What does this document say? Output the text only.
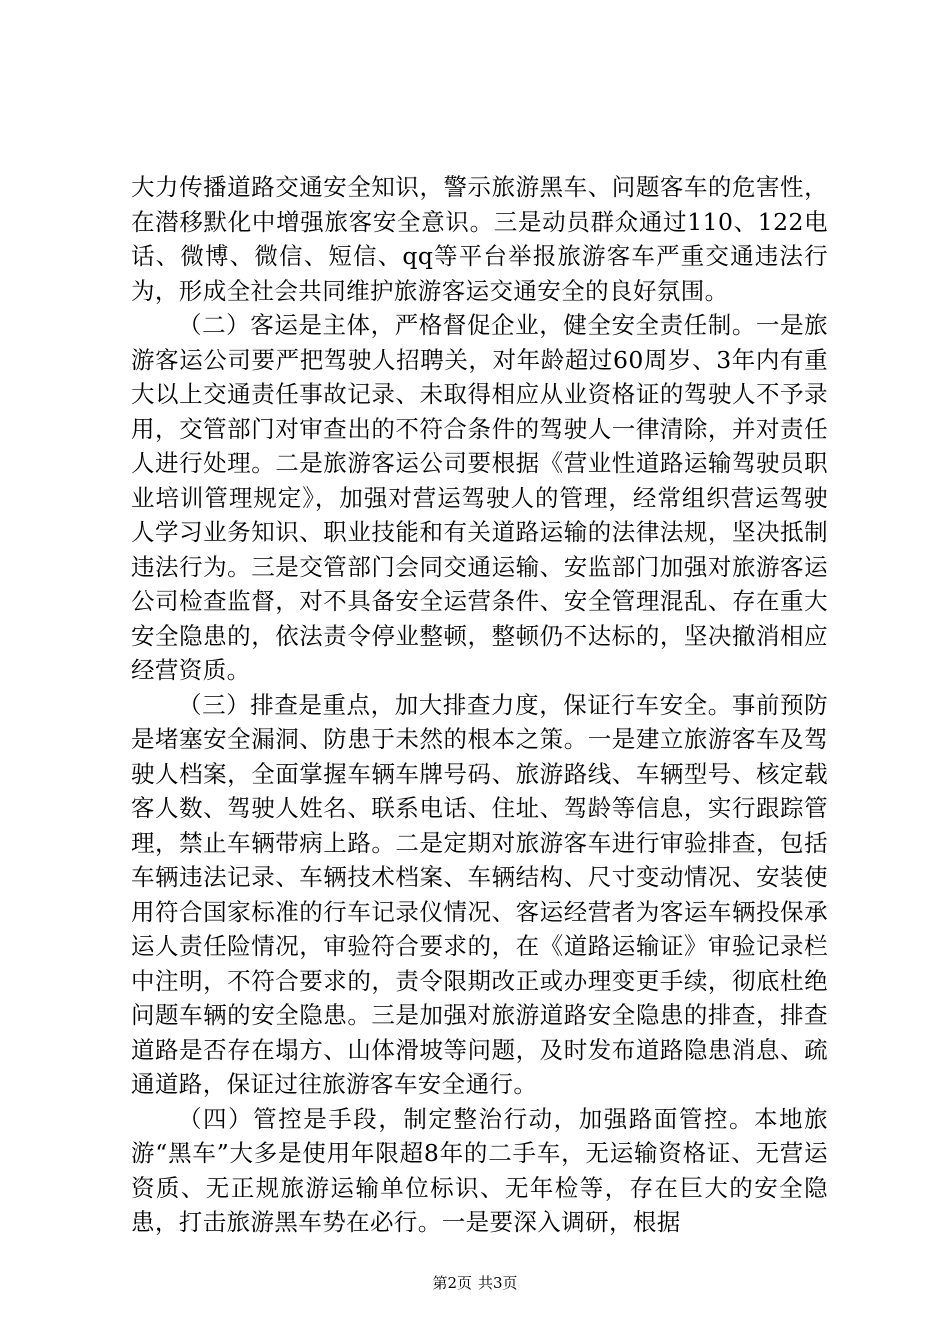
大力传播道路交通安全知识，警示旅游黑车、问题客车的危害性，在潜移默化中增强旅客安全意识。三是动员群众通过110、122电话、微博、微信、短信、qq等平台举报旅游客车严重交通违法行为，形成全社会共同维护旅游客运交通安全的良好氛围。

（二）客运是主体，严格督促企业，健全安全责任制。一是旅游客运公司要严把驾驶人招聘关，对年龄超过60周岁、3年内有重大以上交通责任事故记录、未取得相应从业资格证的驾驶人不予录用，交管部门对审查出的不符合条件的驾驶人一律清除，并对责任人进行处理。二是旅游客运公司要根据《营业性道路运输驾驶员职业培训管理规定》，加强对营运驾驶人的管理，经常组织营运驾驶人学习业务知识、职业技能和有关道路运输的法律法规，坚决抵制违法行为。三是交管部门会同交通运输、安监部门加强对旅游客运公司检查监督，对不具备安全运营条件、安全管理混乱、存在重大安全隐患的，依法责令停业整顿，整顿仍不达标的，坚决撤消相应经营资质。

（三）排查是重点，加大排查力度，保证行车安全。事前预防是堵塞安全漏洞、防患于未然的根本之策。一是建立旅游客车及驾驶人档案，全面掌握车辆车牌号码、旅游路线、车辆型号、核定载客人数、驾驶人姓名、联系电话、住址、驾龄等信息，实行跟踪管理，禁止车辆带病上路。二是定期对旅游客车进行审验排查，包括车辆违法记录、车辆技术档案、车辆结构、尺寸变动情况、安装使用符合国家标准的行车记录仪情况、客运经营者为客运车辆投保承运人责任险情况，审验符合要求的，在《道路运输证》审验记录栏中注明，不符合要求的，责令限期改正或办理变更手续，彻底杜绝问题车辆的安全隐患。三是加强对旅游道路安全隐患的排查，排查道路是否存在塌方、山体滑坡等问题，及时发布道路隐患消息、疏通道路，保证过往旅游客车安全通行。

（四）管控是手段，制定整治行动，加强路面管控。本地旅游“黑车”大多是使用年限超8年的二手车，无运输资格证、无营运资质、无正规旅游运输单位标识、无年检等，存在巨大的安全隐患，打击旅游黑车势在必行。一是要深入调研，根据

第2页 共3页
